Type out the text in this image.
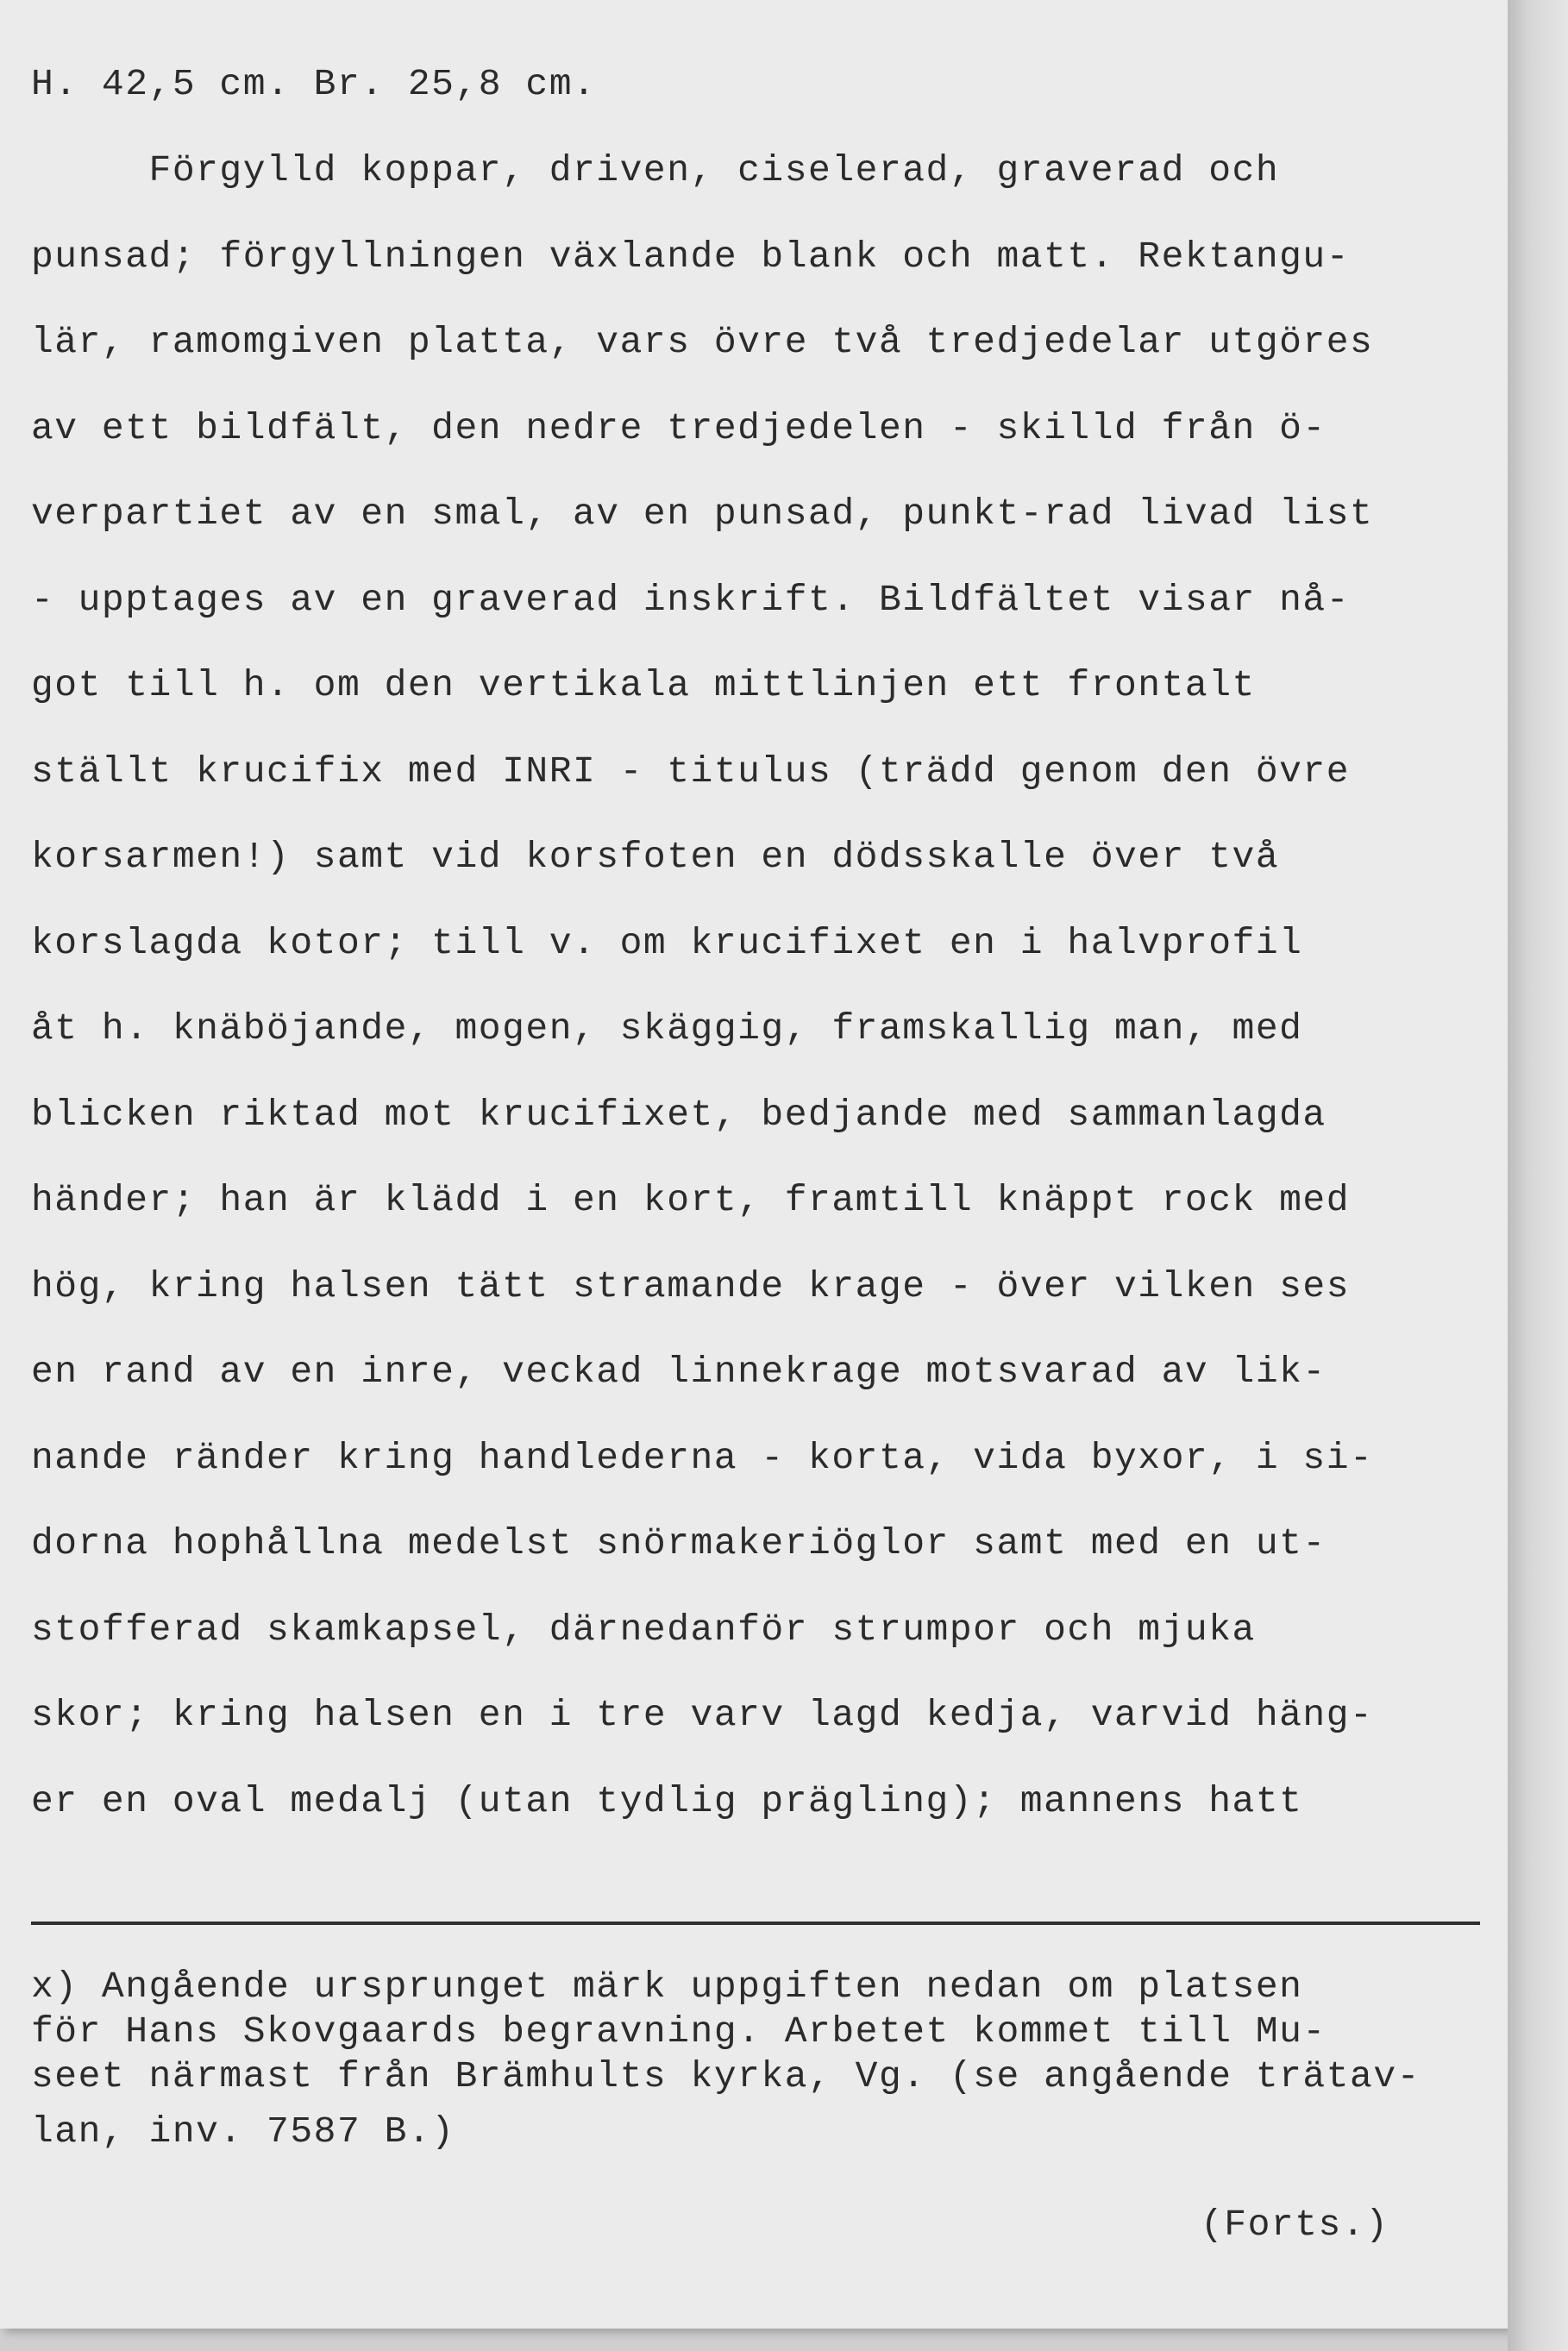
H. 42,5 cm. Br. 25,8 cm.
Förgylld koppar, driven, ciselerad, graverad och
punsad; förgyllningen växlande blank och matt. Rektangu-
lär, ramomgiven platta, vars övre två tredjedelar utgöres
av ett bildfält, den nedre tredjedelen - skilld från ö-
verpartiet av en smal, av en punsad, punkt-rad livad list
- upptages av en graverad inskrift. Bildfältet visar nå-
got till h. om den vertikala mittlinjen ett frontalt
ställt krucifix med INRI - titulus (trädd genom den övre
korsarmen!) samt vid korsfoten en dödsskalle över två
korslagda kotor; till v. om krucifixet en i halvprofil
åt h. knäböjande, mogen, skäggig, framskallig man, med
blicken riktad mot krucifixet, bedjande med sammanlagda
händer; han är klädd i en kort, framtill knäppt rock med
hög, kring halsen tätt stramande krage - över vilken ses
en rand av en inre, veckad linnekrage motsvarad av lik-
nande ränder kring handlederna - korta, vida byxor, i si-
dorna hophållna medelst snörmakeriöglor samt med en ut-
stofferad skamkapsel, därnedanför strumpor och mjuka
skor; kring halsen en i tre varv lagd kedja, varvid häng-
er en oval medalj (utan tydlig prägling); mannens hatt
x) Angående ursprunget märk uppgiften nedan om platsen
för Hans Skovgaards begravning. Arbetet kommet till Mu-
seet närmast från Brämhults kyrka, Vg. (se angående trätav-
lan, inv. 7587 B.)
(Forts.)
